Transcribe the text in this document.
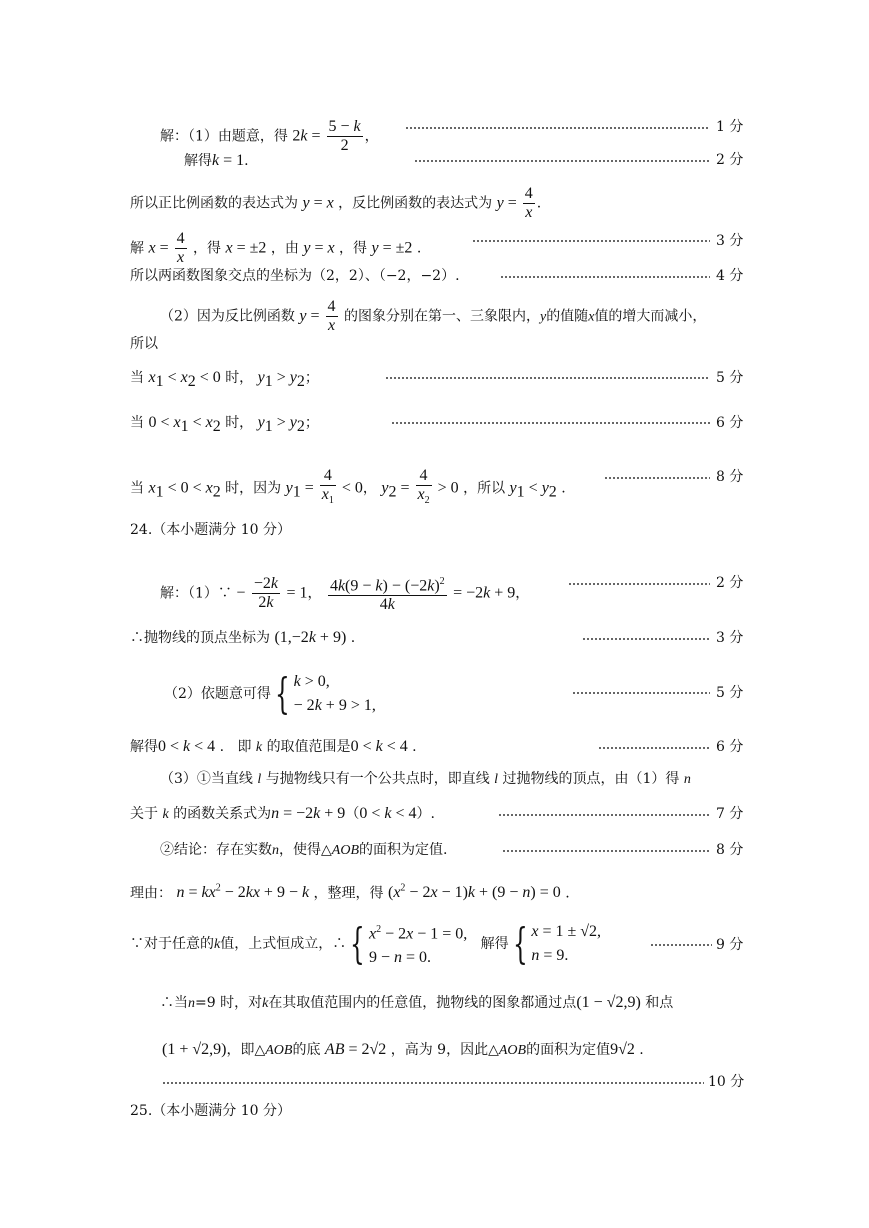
解：（1）由题意，得 $2k = \frac{5 - k}{2}$ ，
1 分
解得k = 1.	2 分
所以正比例函数的表达式为 y = x ，反比例函数的表达式为 $y = \frac{4}{x}$ .
解 $x = \frac{4}{x}$ ，得 x = ±2 ，由 y = x ，得 y = ±2 .	3 分
所以两函数图象交点的坐标为（2，2）、（−2，−2）.	4 分
（2）因为反比例函数 $y = \frac{4}{x}$ 的图象分别在第一、三象限内，y的值随x值的增大而减小，
所以
当 $x_1 < x_2 < 0$ 时， $y_1 > y_2$；	5 分
当 $0 < x_1 < x_2$ 时， $y_1 > y_2$；	6 分
当 $x_1 < 0 < x_2$ 时，因为 $y_1 = \frac{4}{x_1} < 0$， $y_2 = \frac{4}{x_2} > 0$ ，所以 $y_1 < y_2$ .
8 分
24.（本小题满分 10 分）
解：（1）∵ − $\frac{-2k}{2k} = 1$， $\frac{4k(9 - k) - (-2k)^2}{4k} = -2k + 9$，
2 分
∴抛物线的顶点坐标为 (1,−2k + 9) .	3 分
（2）依题意可得{ k > 0,
− 2k + 9 > 1,
5 分
解得0 < k < 4 .   即 k 的取值范围是0 < k < 4 .	6 分
（3）①当直线 l 与抛物线只有一个公共点时，即直线 l 过抛物线的顶点，由（1）得 n
关于 k 的函数关系式为n = −2k + 9（0 < k < 4）.	7 分
②结论：存在实数n，使得△AOB的面积为定值.	8 分
理由： $n = kx^2 - 2kx + 9 - k$ ，整理，得 $(x^2 - 2x - 1)k + (9 - n) = 0$ .
∵对于任意的k值，上式恒成立，∴{ $x^2 - 2x - 1 = 0$,
9 − n = 0.
解得{ x = 1 ± √2,
n = 9.
9 分
∴当n=9 时，对k在其取值范围内的任意值，抛物线的图象都通过点(1 − √2,9) 和点
(1 + √2,9)，即△AOB的底 AB = 2√2 ，高为 9，因此△AOB的面积为定值9√2 .
10 分
25.（本小题满分 10 分）
